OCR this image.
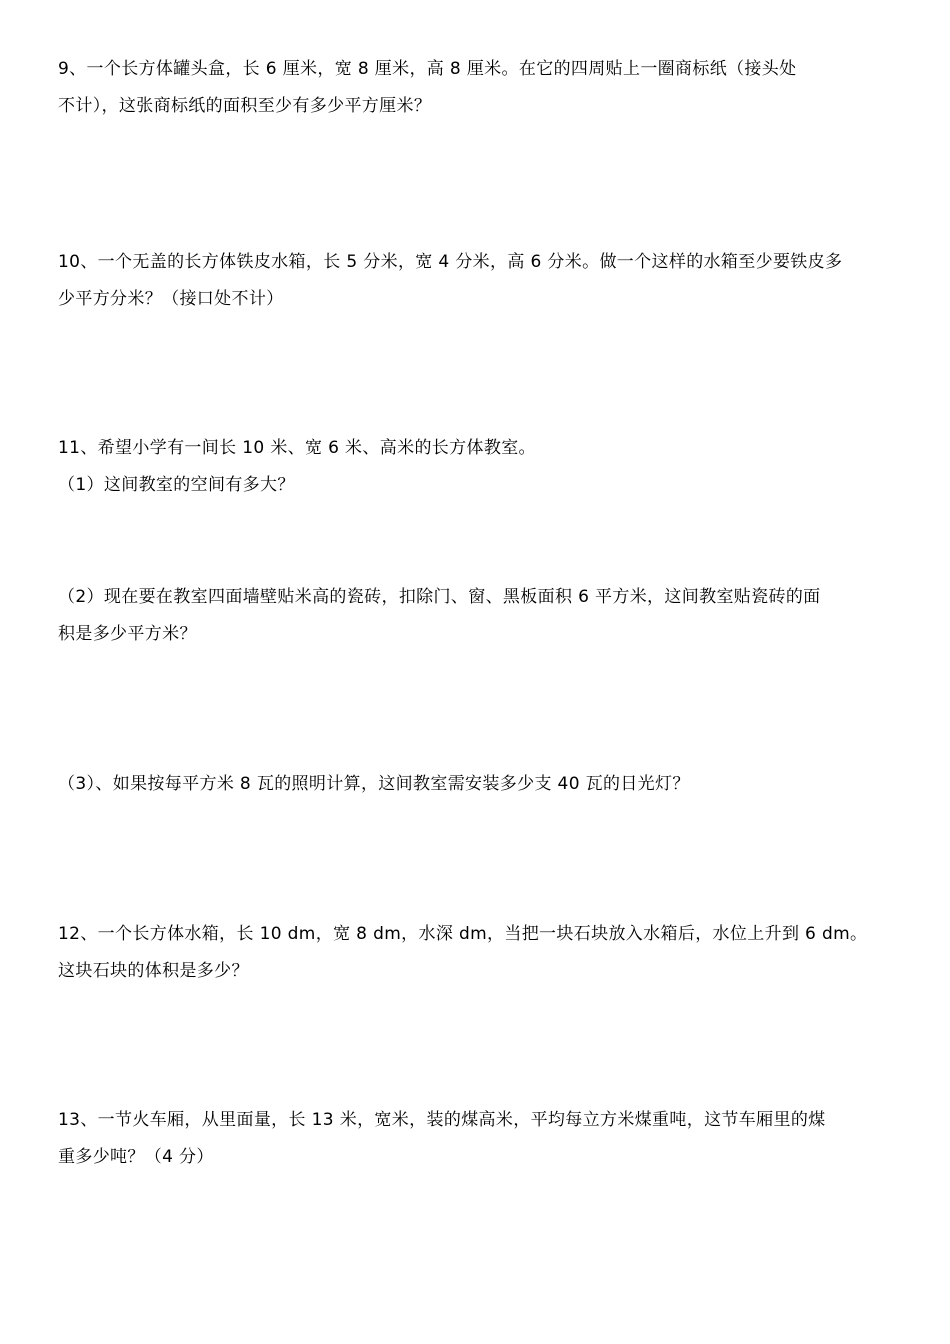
9、一个长方体罐头盒，长 6 厘米，宽 8 厘米，高 8 厘米。在它的四周贴上一圈商标纸（接头处
不计），这张商标纸的面积至少有多少平方厘米？
10、一个无盖的长方体铁皮水箱，长 5 分米，宽 4 分米，高 6 分米。做一个这样的水箱至少要铁皮多
少平方分米？（接口处不计）
11、希望小学有一间长 10 米、宽 6 米、高米的长方体教室。
（1）这间教室的空间有多大？
（2）现在要在教室四面墙壁贴米高的瓷砖，扣除门、窗、黑板面积 6 平方米，这间教室贴瓷砖的面
积是多少平方米？
（3）、如果按每平方米 8 瓦的照明计算，这间教室需安装多少支 40 瓦的日光灯？
12、一个长方体水箱，长 10 dm，宽 8 dm，水深 dm，当把一块石块放入水箱后，水位上升到 6 dm。
这块石块的体积是多少？
13、一节火车厢，从里面量，长 13 米，宽米，装的煤高米，平均每立方米煤重吨，这节车厢里的煤
重多少吨？（4 分）
